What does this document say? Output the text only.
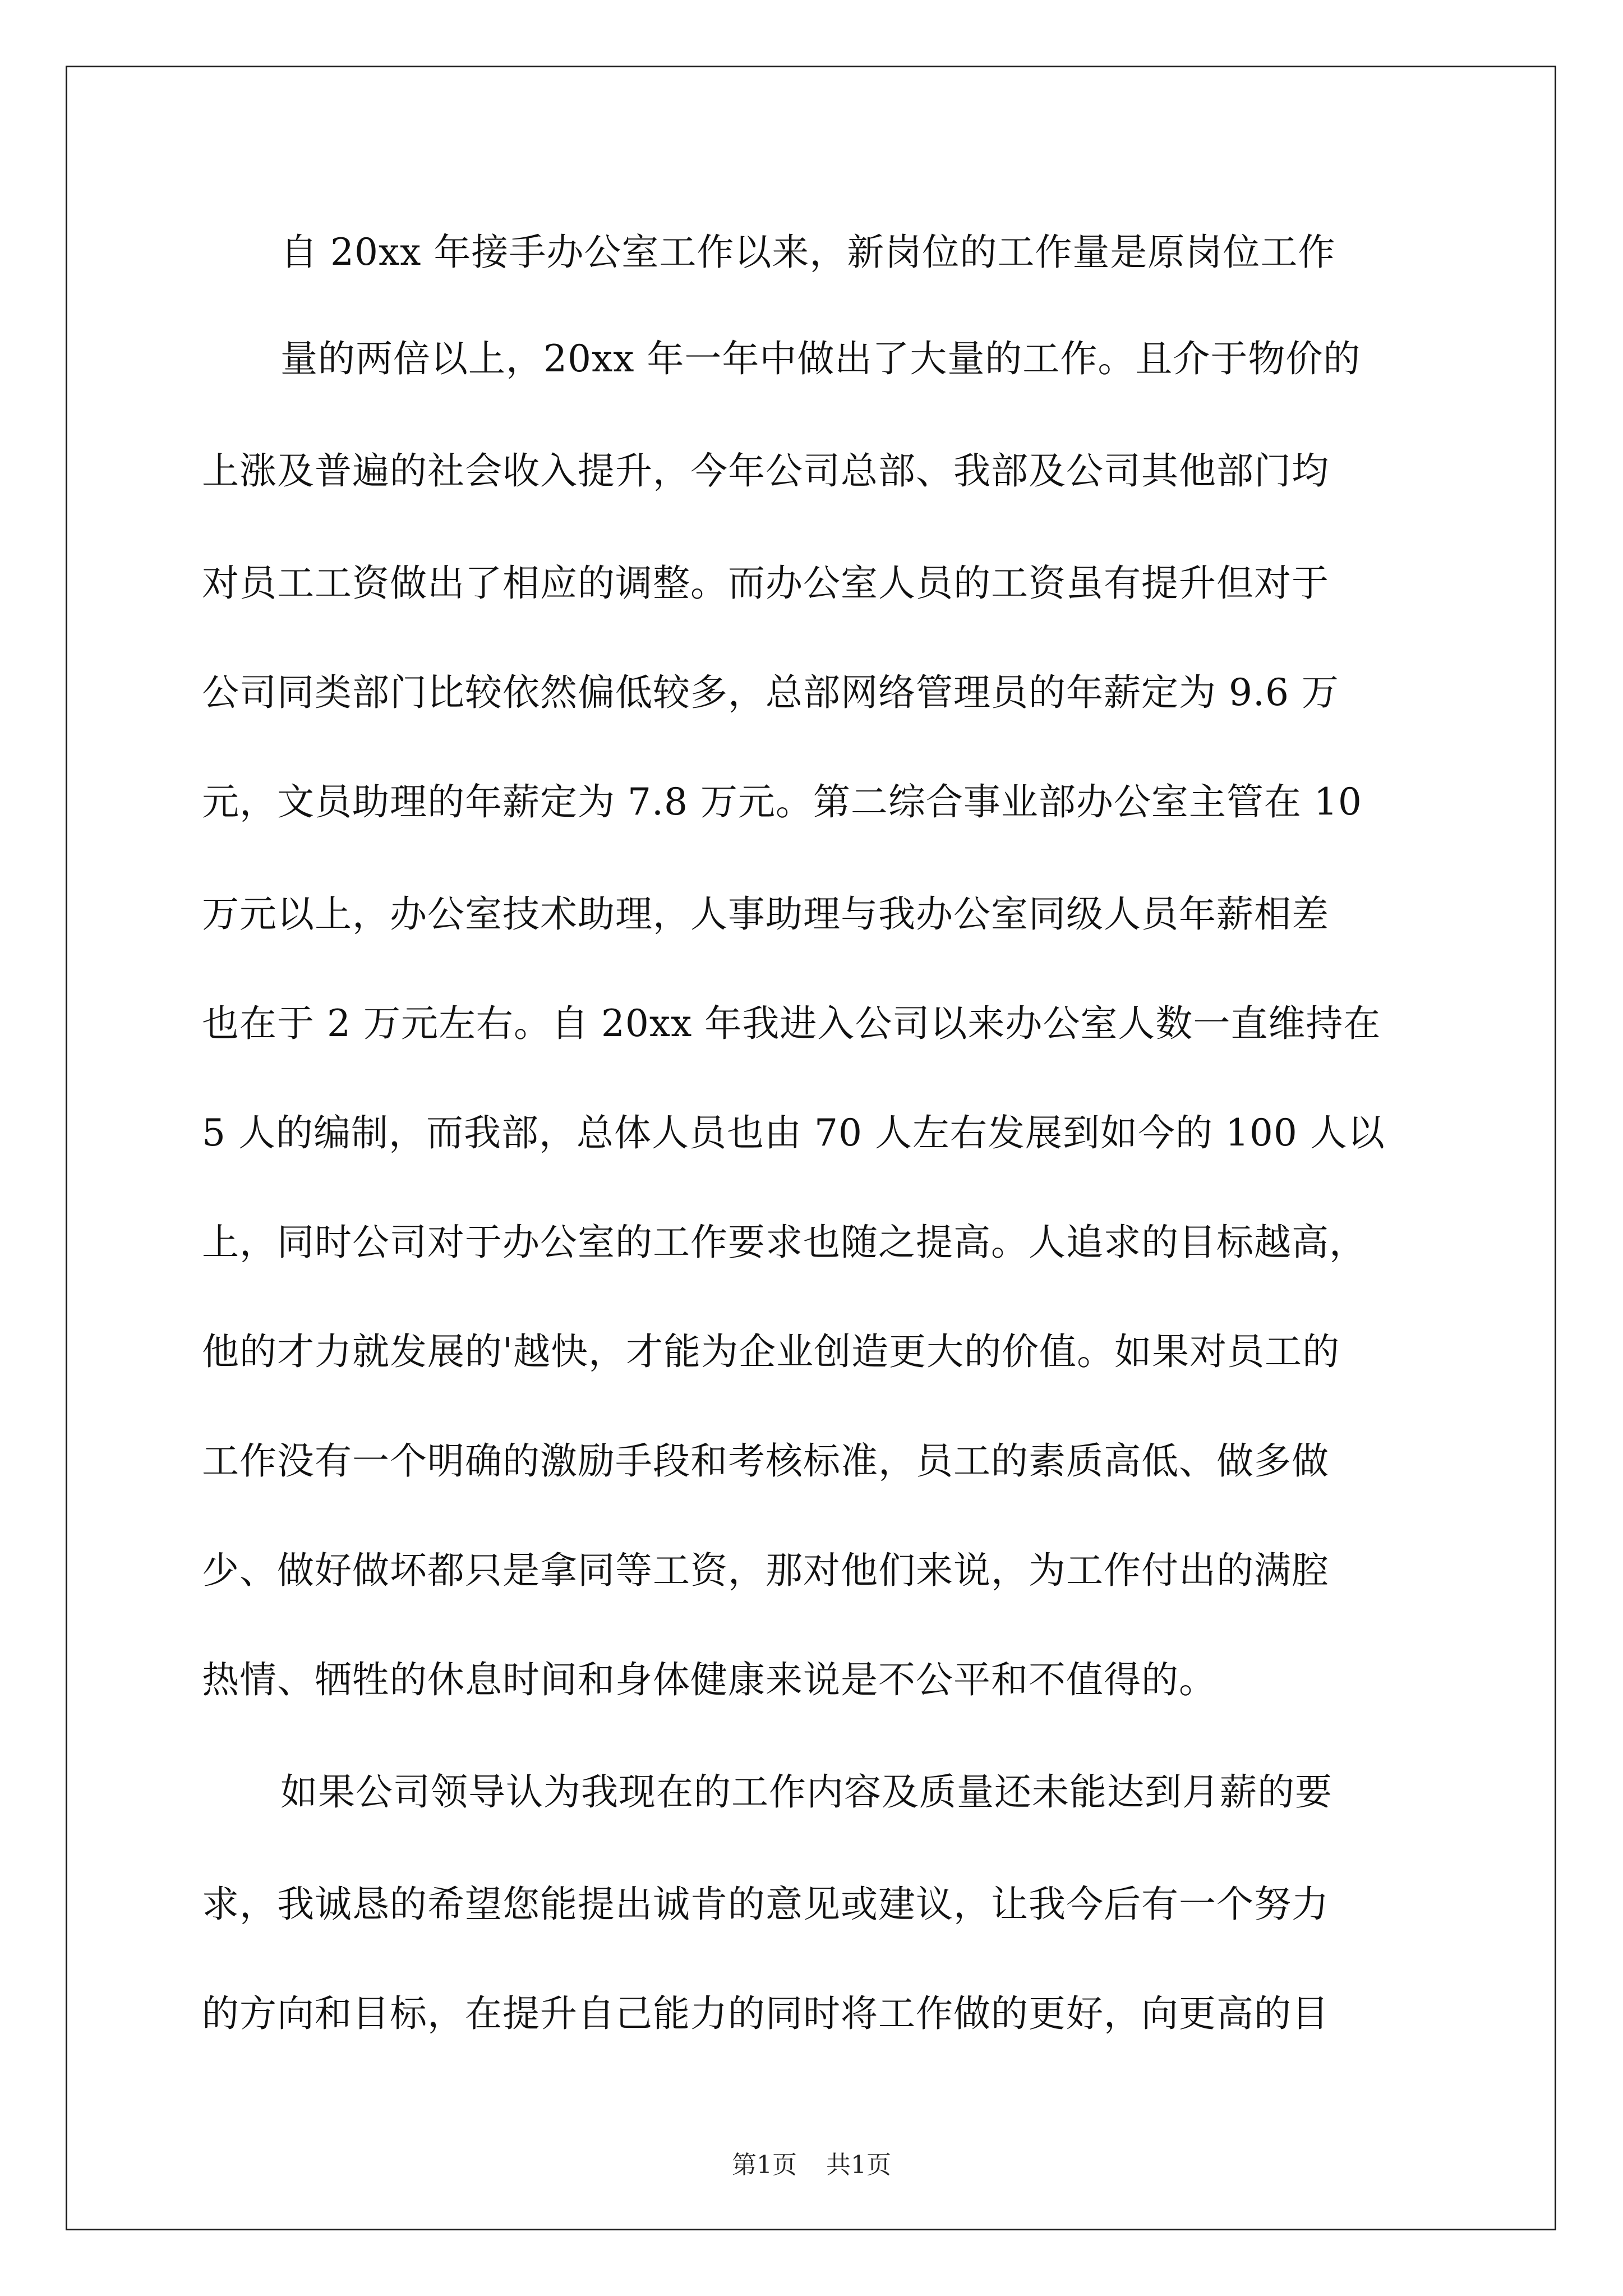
自 20xx 年接手办公室工作以来，新岗位的工作量是原岗位工作
量的两倍以上，20xx 年一年中做出了大量的工作。且介于物价的
上涨及普遍的社会收入提升，今年公司总部、我部及公司其他部门均
对员工工资做出了相应的调整。而办公室人员的工资虽有提升但对于
公司同类部门比较依然偏低较多，总部网络管理员的年薪定为 9.6 万
元，文员助理的年薪定为 7.8 万元。第二综合事业部办公室主管在 10
万元以上，办公室技术助理，人事助理与我办公室同级人员年薪相差
也在于 2 万元左右。自 20xx 年我进入公司以来办公室人数一直维持在
5 人的编制，而我部，总体人员也由 70 人左右发展到如今的 100 人以
上，同时公司对于办公室的工作要求也随之提高。人追求的目标越高，
他的才力就发展的'越快，才能为企业创造更大的价值。如果对员工的
工作没有一个明确的激励手段和考核标准，员工的素质高低、做多做
少、做好做坏都只是拿同等工资，那对他们来说，为工作付出的满腔
热情、牺牲的休息时间和身体健康来说是不公平和不值得的。
如果公司领导认为我现在的工作内容及质量还未能达到月薪的要
求，我诚恳的希望您能提出诚肯的意见或建议，让我今后有一个努力
的方向和目标，在提升自己能力的同时将工作做的更好，向更高的目
第1页 共1页
